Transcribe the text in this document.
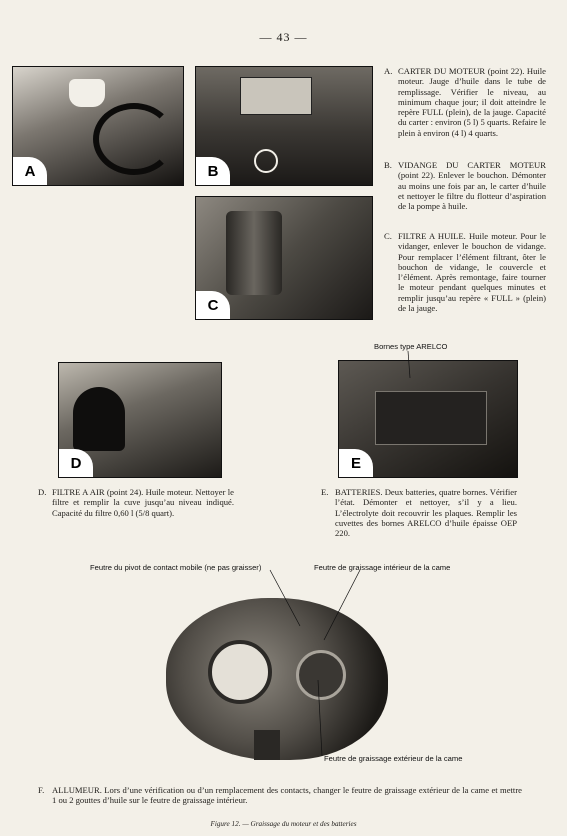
— 43 —
A	B
C
A. CARTER DU MOTEUR (point 22). Huile moteur. Jauge d’huile dans le tube de remplissage. Vérifier le niveau, au minimum chaque jour; il doit atteindre le repère FULL (plein), de la jauge. Capacité du carter : environ (5 l) 5 quarts. Refaire le plein à environ (4 l) 4 quarts.
B. VIDANGE DU CARTER MOTEUR (point 22). Enlever le bouchon. Démonter au moins une fois par an, le carter d’huile et nettoyer le filtre du flotteur d’aspiration de la pompe à huile.
C. FILTRE A HUILE. Huile moteur. Pour le vidanger, enlever le bouchon de vidange. Pour remplacer l’élément filtrant, ôter le bouchon de vidange, le couvercle et l’élément. Après remontage, faire tourner le moteur pendant quelques minutes et remplir jusqu’au repère « FULL » (plein) de la jauge.
D	E
Bornes type ARELCO
D. FILTRE A AIR (point 24). Huile moteur. Nettoyer le filtre et remplir la cuve jusqu’au niveau indiqué. Capacité du filtre 0,60 l (5/8 quart).
E. BATTERIES. Deux batteries, quatre bornes. Vérifier l’état. Démonter et nettoyer, s’il y a lieu. L’électrolyte doit recouvrir les plaques. Remplir les cuvettes des bornes ARELCO d’huile épaisse OEP 220.
Feutre du pivot de contact mobile (ne pas graisser)	Feutre de graissage intérieur de la came
Feutre de graissage extérieur de la came
F. ALLUMEUR. Lors d’une vérification ou d’un remplacement des contacts, changer le feutre de graissage extérieur de la came et mettre 1 ou 2 gouttes d’huile sur le feutre de graissage intérieur.
Figure 12. — Graissage du moteur et des batteries
